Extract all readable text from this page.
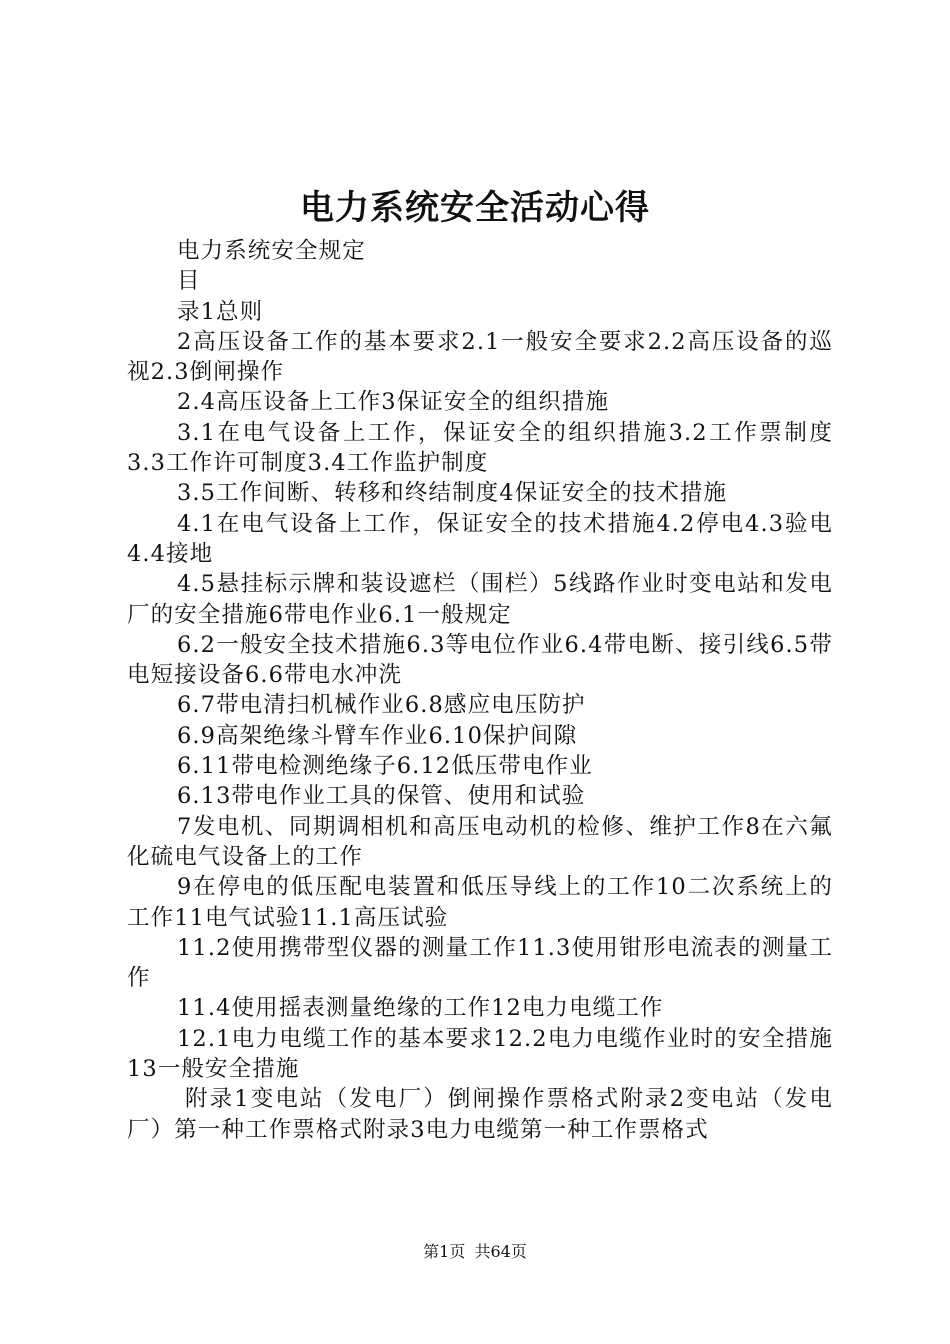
电力系统安全活动心得

电力系统安全规定

目

录1总则

2高压设备工作的基本要求2.1一般安全要求2.2高压设备的巡视2.3倒闸操作

2.4高压设备上工作3保证安全的组织措施

3.1在电气设备上工作，保证安全的组织措施3.2工作票制度3.3工作许可制度3.4工作监护制度

3.5工作间断、转移和终结制度4保证安全的技术措施

4.1在电气设备上工作，保证安全的技术措施4.2停电4.3验电4.4接地

4.5悬挂标示牌和装设遮栏（围栏）5线路作业时变电站和发电厂的安全措施6带电作业6.1一般规定

6.2一般安全技术措施6.3等电位作业6.4带电断、接引线6.5带电短接设备6.6带电水冲洗

6.7带电清扫机械作业6.8感应电压防护

6.9高架绝缘斗臂车作业6.10保护间隙

6.11带电检测绝缘子6.12低压带电作业

6.13带电作业工具的保管、使用和试验

7发电机、同期调相机和高压电动机的检修、维护工作8在六氟化硫电气设备上的工作

9在停电的低压配电装置和低压导线上的工作10二次系统上的工作11电气试验11.1高压试验

11.2使用携带型仪器的测量工作11.3使用钳形电流表的测量工作

11.4使用摇表测量绝缘的工作12电力电缆工作

12.1电力电缆工作的基本要求12.2电力电缆作业时的安全措施13一般安全措施

附录1变电站（发电厂）倒闸操作票格式附录2变电站（发电厂）第一种工作票格式附录3电力电缆第一种工作票格式

第1页 共64页
